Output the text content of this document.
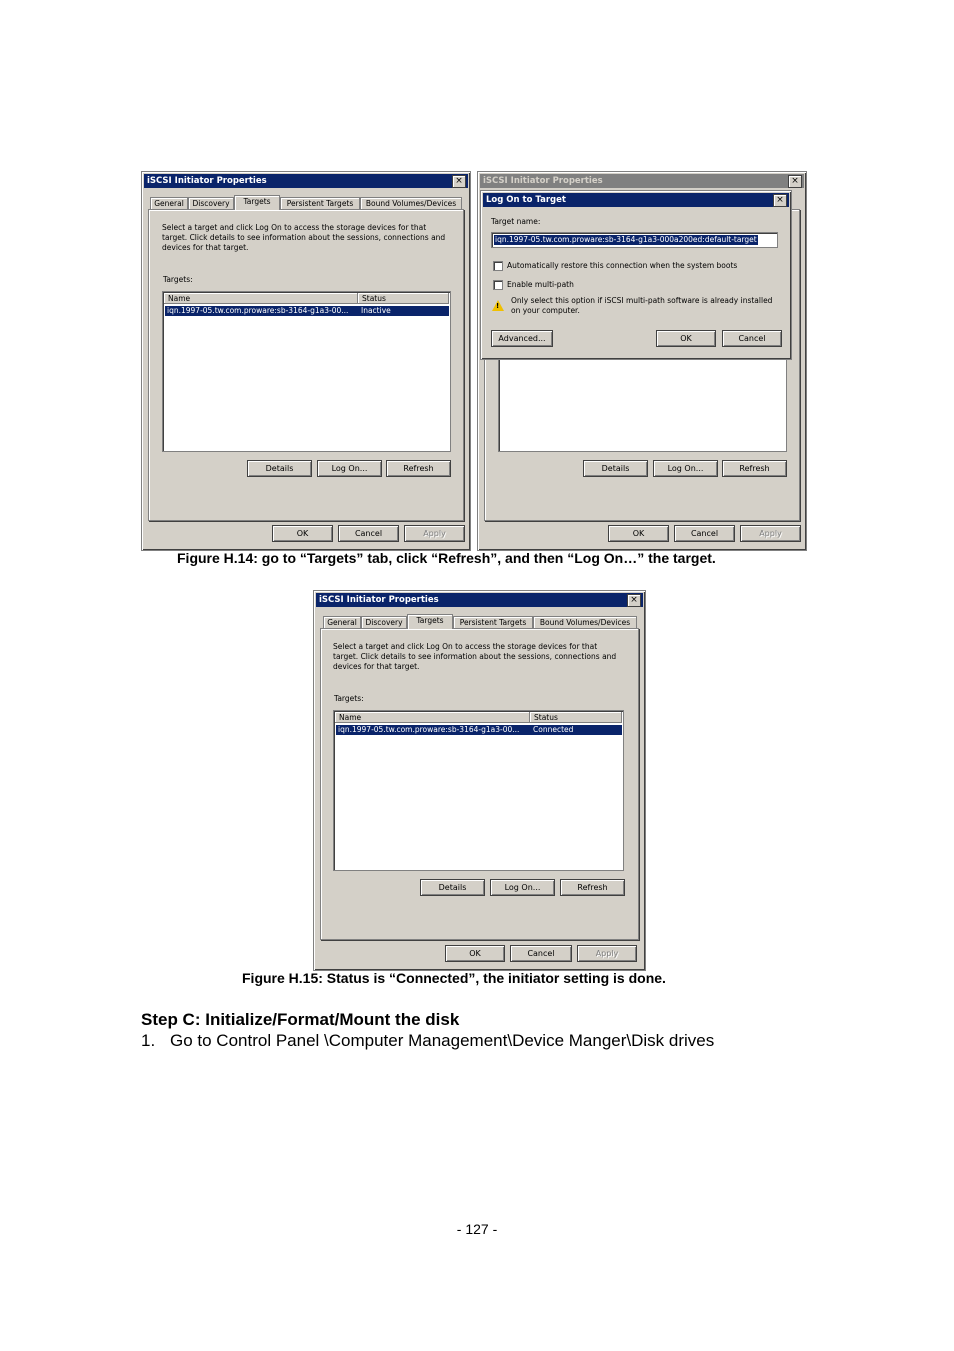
iSCSI Initiator Properties	×
General	Discovery	Targets	Persistent Targets	Bound Volumes/Devices
Select a target and click Log On to access the storage devices for that
target. Click details to see information about the sessions, connections and
devices for that target.
Targets:
Name	Status
iqn.1997-05.tw.com.proware:sb-3164-g1a3-00...	Inactive
Details	Log On...	Refresh
OK	Cancel	Apply
iSCSI Initiator Properties	×
Details	Log On...	Refresh
OK	Cancel	Apply
Log On to Target	×
Target name:
iqn.1997-05.tw.com.proware:sb-3164-g1a3-000a200ed:default-target
Automatically restore this connection when the system boots
Enable multi-path
!
Only select this option if iSCSI multi-path software is already installed
on your computer.
Advanced...	OK	Cancel
Figure H.14: go to “Targets” tab, click “Refresh”, and then “Log On…” the target.
iSCSI Initiator Properties	×
General	Discovery	Targets	Persistent Targets	Bound Volumes/Devices
Select a target and click Log On to access the storage devices for that
target. Click details to see information about the sessions, connections and
devices for that target.
Targets:
Name	Status
iqn.1997-05.tw.com.proware:sb-3164-g1a3-00...	Connected
Details	Log On...	Refresh
OK	Cancel	Apply
Figure H.15: Status is “Connected”, the initiator setting is done.
Step C: Initialize/Format/Mount the disk
1. Go to Control Panel \Computer Management\Device Manger\Disk drives
- 127 -
